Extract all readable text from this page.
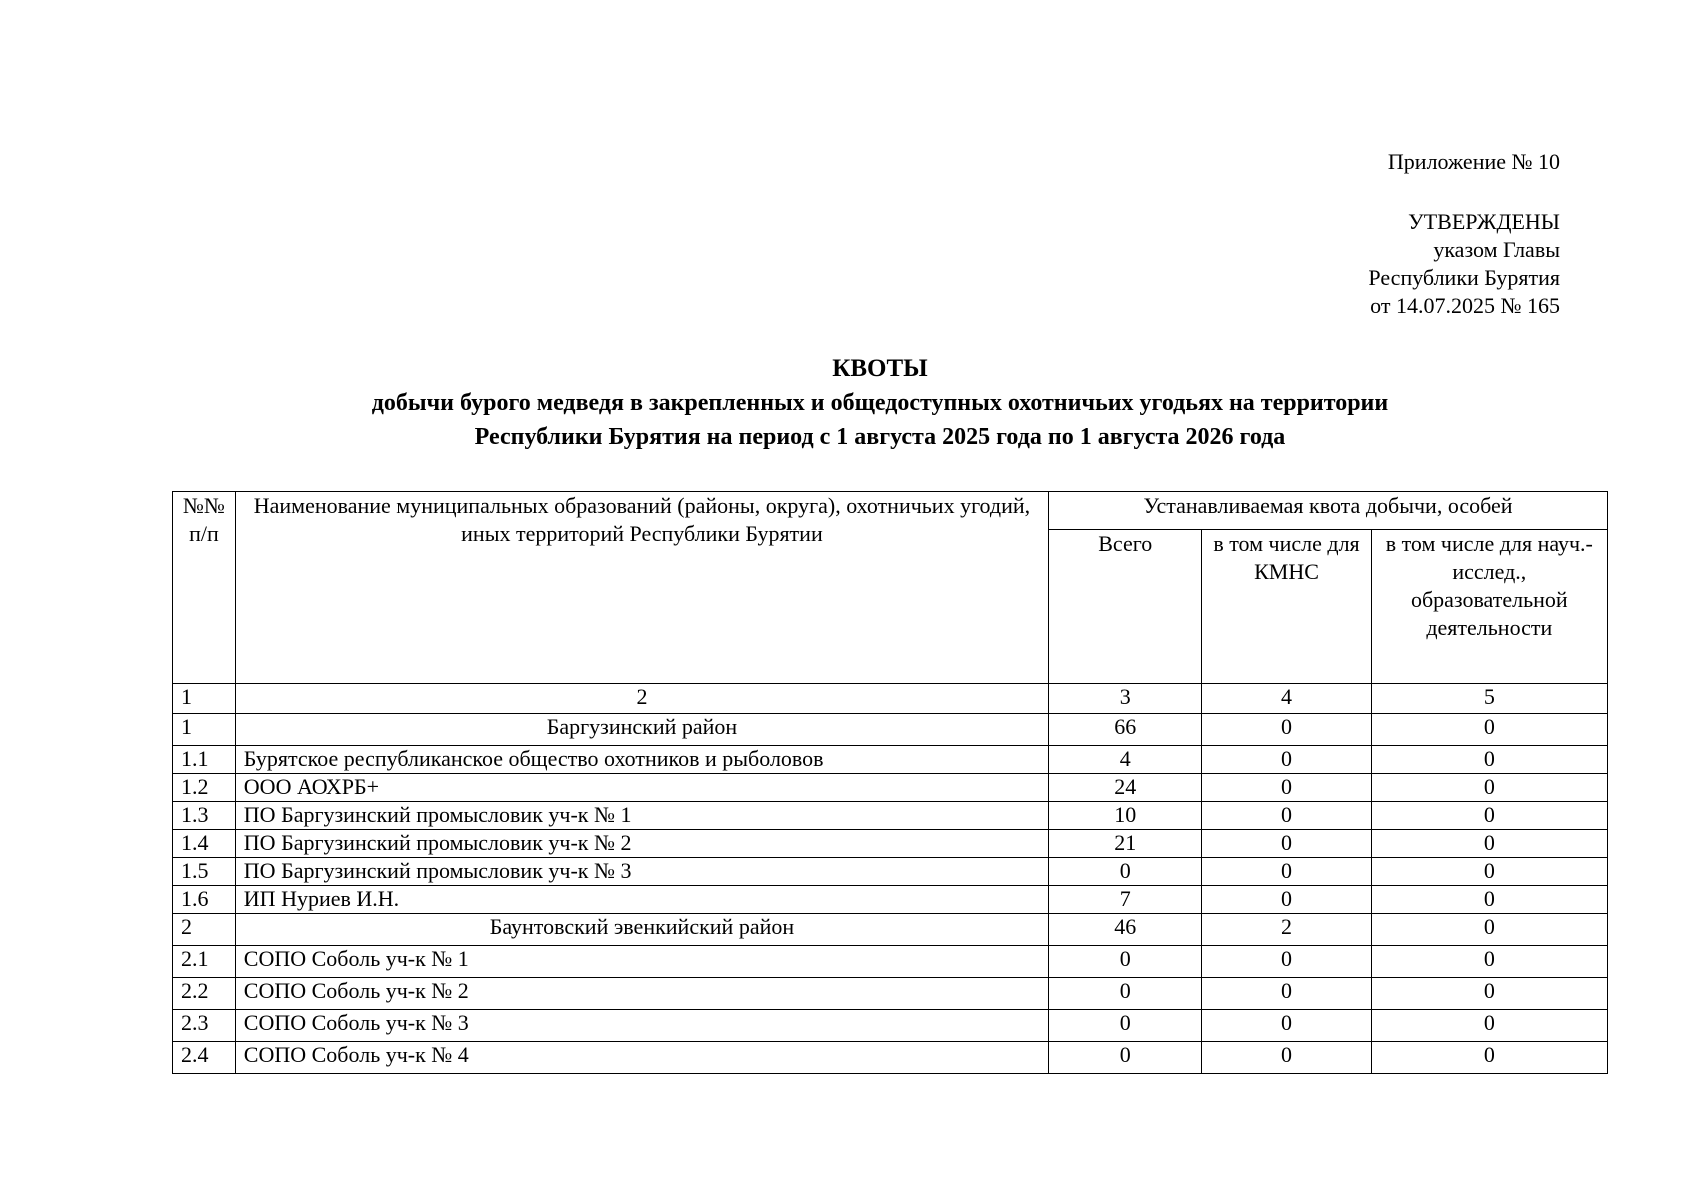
Приложение № 10
УТВЕРЖДЕНЫ
указом Главы
Республики Бурятия
от 14.07.2025 № 165
КВОТЫ
добычи бурого медведя в закрепленных и общедоступных охотничьих угодьях на территории
Республики Бурятия на период с 1 августа 2025 года по 1 августа 2026 года
№№ п/п	Наименование муниципальных образований (районы, округа), охотничьих угодий, иных территорий Республики Бурятии	Устанавливаемая квота добычи, особей		
		Всего	в том числе для КМНС	в том числе для науч.-исслед., образовательной деятельности
1	2	3	4	5
1	Баргузинский район	66	0	0
1.1	Бурятское республиканское общество охотников и рыболовов	4	0	0
1.2	ООО АОХРБ+	24	0	0
1.3	ПО Баргузинский промысловик уч-к № 1	10	0	0
1.4	ПО Баргузинский промысловик уч-к № 2	21	0	0
1.5	ПО Баргузинский промысловик уч-к № 3	0	0	0
1.6	ИП Нуриев И.Н.	7	0	0
2	Баунтовский эвенкийский район	46	2	0
2.1	СОПО Соболь уч-к № 1	0	0	0
2.2	СОПО Соболь уч-к № 2	0	0	0
2.3	СОПО Соболь уч-к № 3	0	0	0
2.4	СОПО Соболь уч-к № 4	0	0	0
